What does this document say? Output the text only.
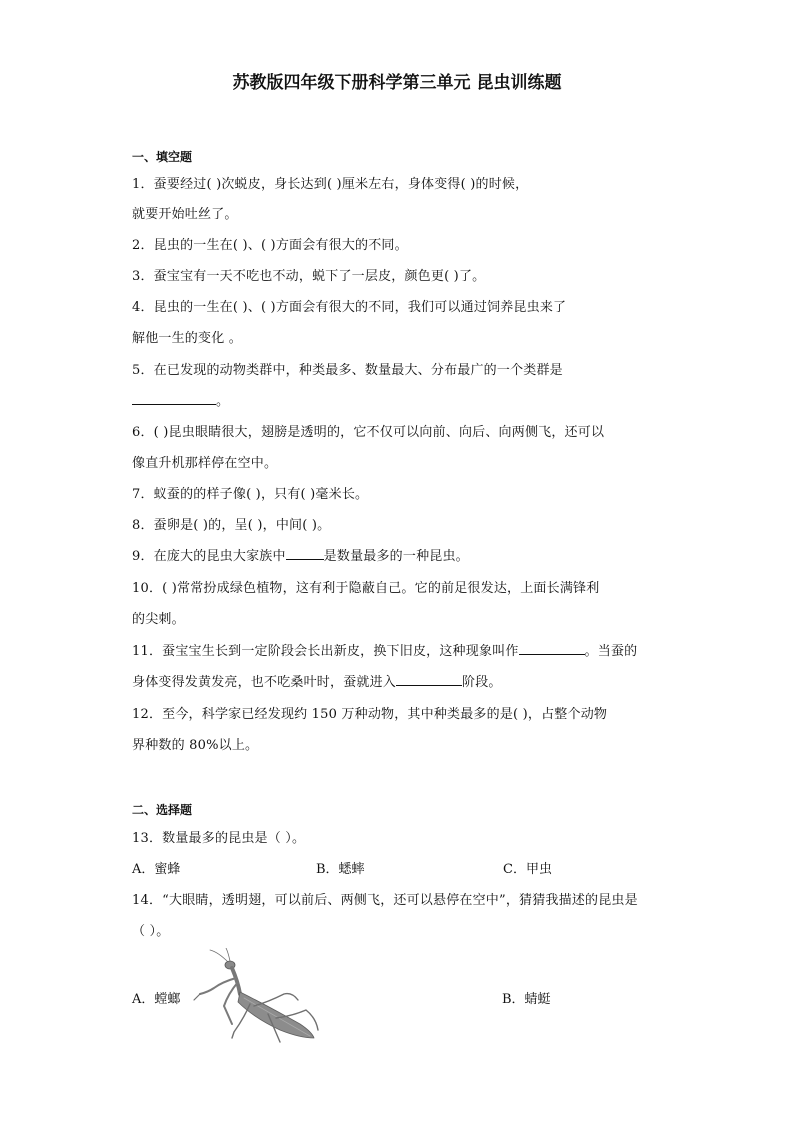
苏教版四年级下册科学第三单元 昆虫训练题
一、填空题
1．蚕要经过( )次蜕皮，身长达到( )厘米左右，身体变得( )的时候，
就要开始吐丝了。
2．昆虫的一生在( )、( )方面会有很大的不同。
3．蚕宝宝有一天不吃也不动，蜕下了一层皮，颜色更( )了。
4．昆虫的一生在( )、( )方面会有很大的不同，我们可以通过饲养昆虫来了
解他一生的变化 。
5．在已发现的动物类群中，种类最多、数量最大、分布最广的一个类群是
。
6．( )昆虫眼睛很大，翅膀是透明的，它不仅可以向前、向后、向两侧飞，还可以
像直升机那样停在空中。
7．蚁蚕的的样子像( )，只有( )毫米长。
8．蚕卵是( )的，呈( )，中间( )。
9．在庞大的昆虫大家族中	是数量最多的一种昆虫。
10．( )常常扮成绿色植物，这有利于隐蔽自己。它的前足很发达，上面长满锋利
的尖刺。
11．蚕宝宝生长到一定阶段会长出新皮，换下旧皮，这种现象叫作	。当蚕的
身体变得发黄发亮，也不吃桑叶时，蚕就进入	阶段。
12．至今，科学家已经发现约 150 万种动物，其中种类最多的是( )，占整个动物
界种数的 80%以上。
二、选择题
13．数量最多的昆虫是（ ）。
A．蜜蜂	B．蟋蟀	C．甲虫
14．“大眼睛，透明翅，可以前后、两侧飞，还可以悬停在空中”，猜猜我描述的昆虫是
（ ）。
A．螳螂	B．蜻蜓
